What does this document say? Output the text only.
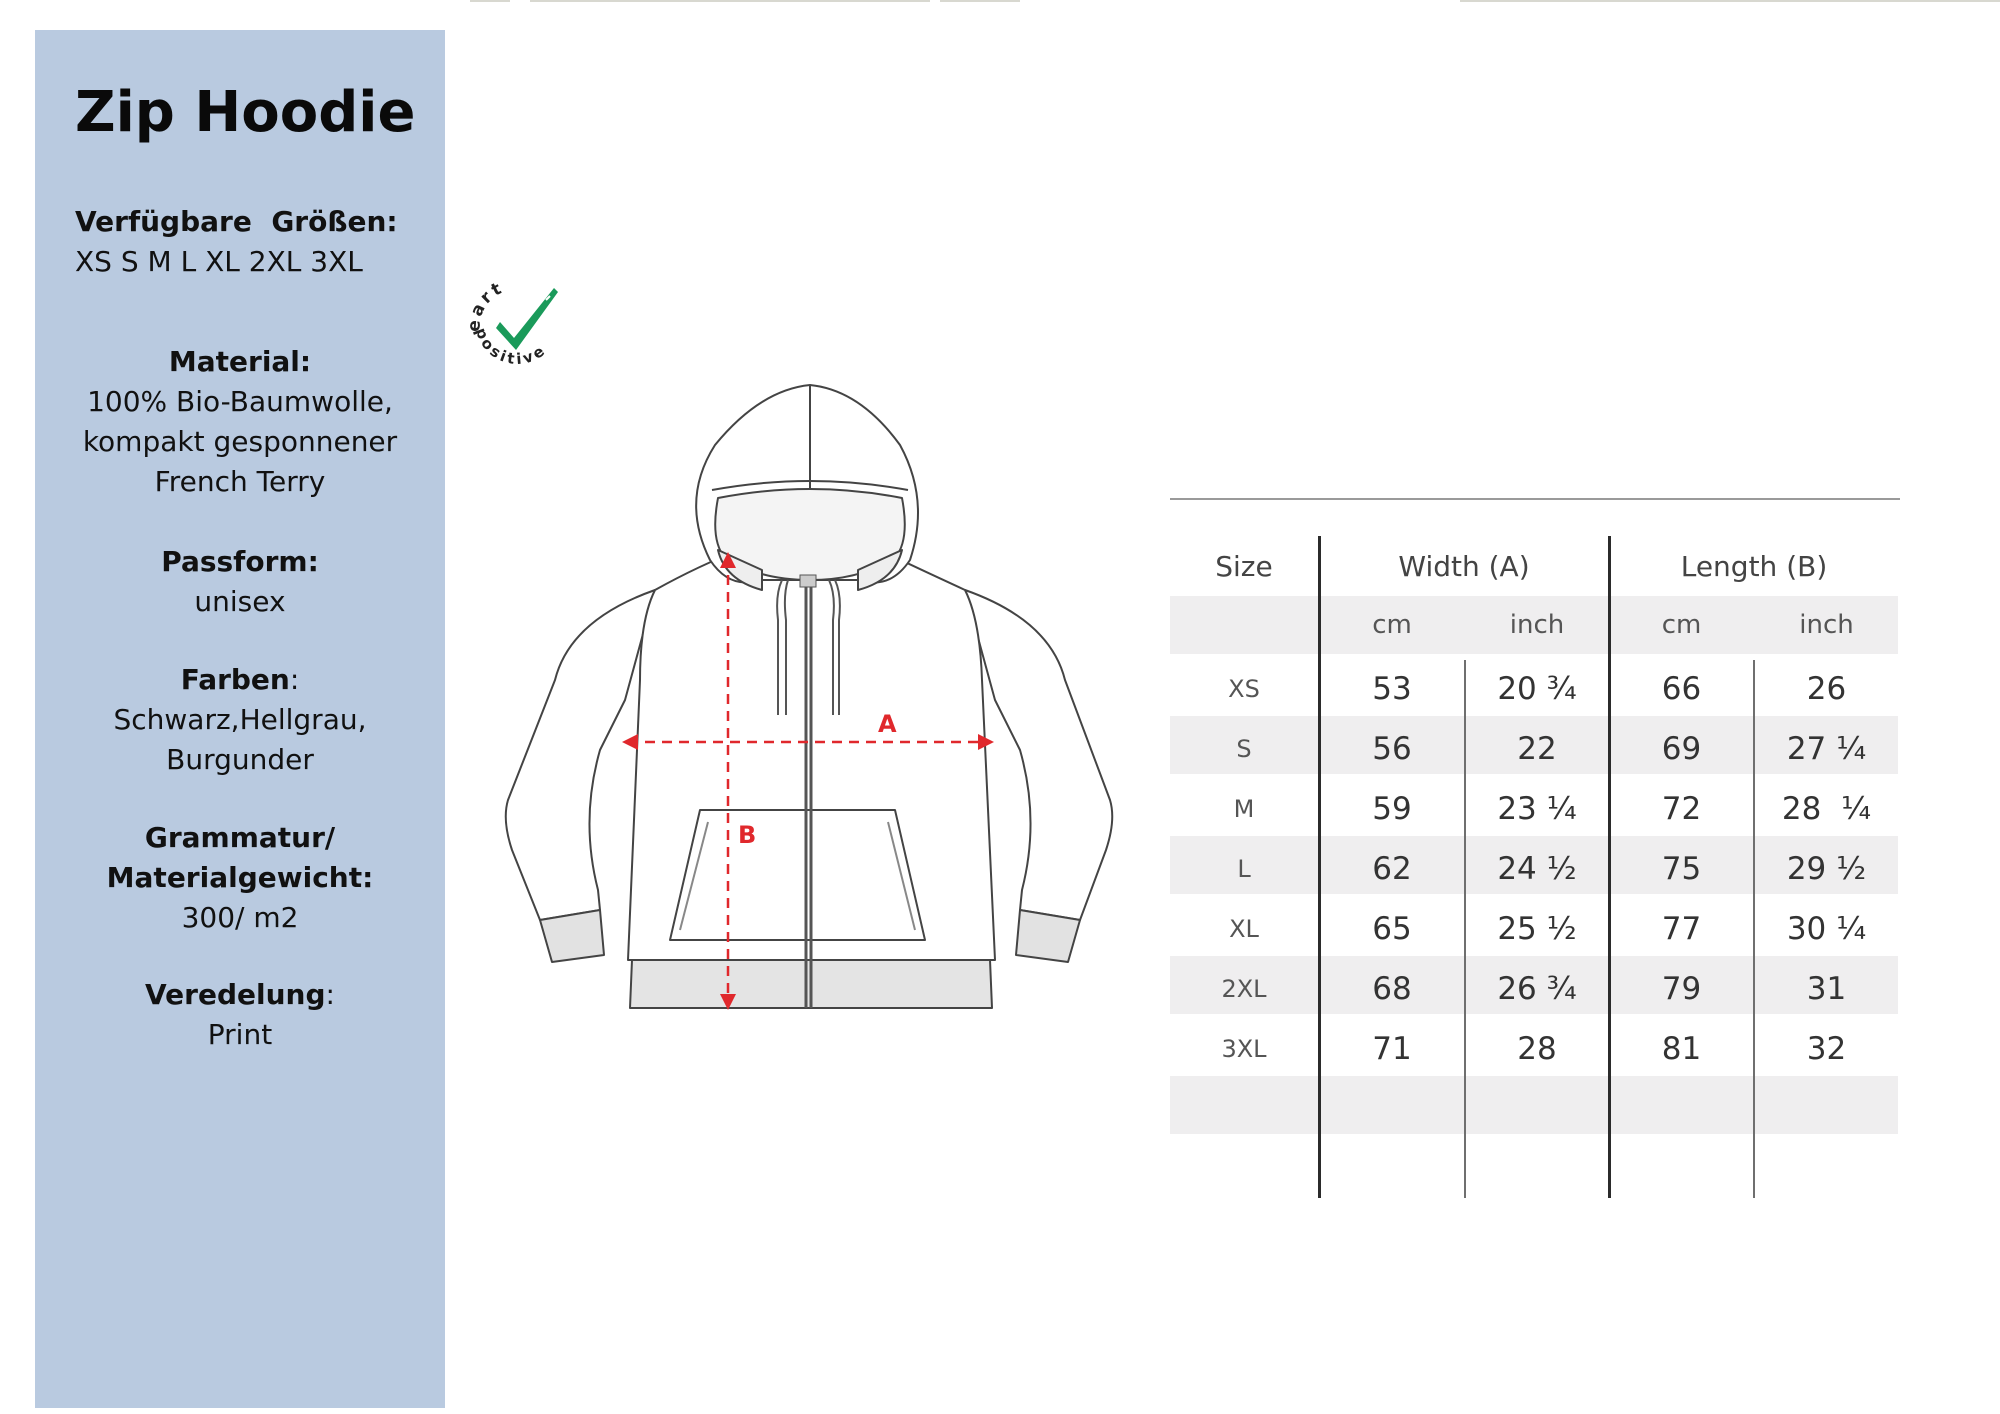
Zip Hoodie
Verfügbare  Größen:
XS S M L XL 2XL 3XL
Material:
100% Bio-Baumwolle,
kompakt gesponnener
French Terry
Passform:
unisex
Farben:
Schwarz,Hellgrau,
Burgunder
Grammatur/
Materialgewicht:
300/ m2
Veredelung:
Print
eart
positive
A
B
Size	Width (A)	Length (B)
cm	inch	cm	inch
XS	53	20 ¾	66	26
S	56	22	69	27 ¼
M	59	23 ¼	72	28  ¼
L	62	24 ½	75	29 ½
XL	65	25 ½	77	30 ¼
2XL	68	26 ¾	79	31
3XL	71	28	81	32
